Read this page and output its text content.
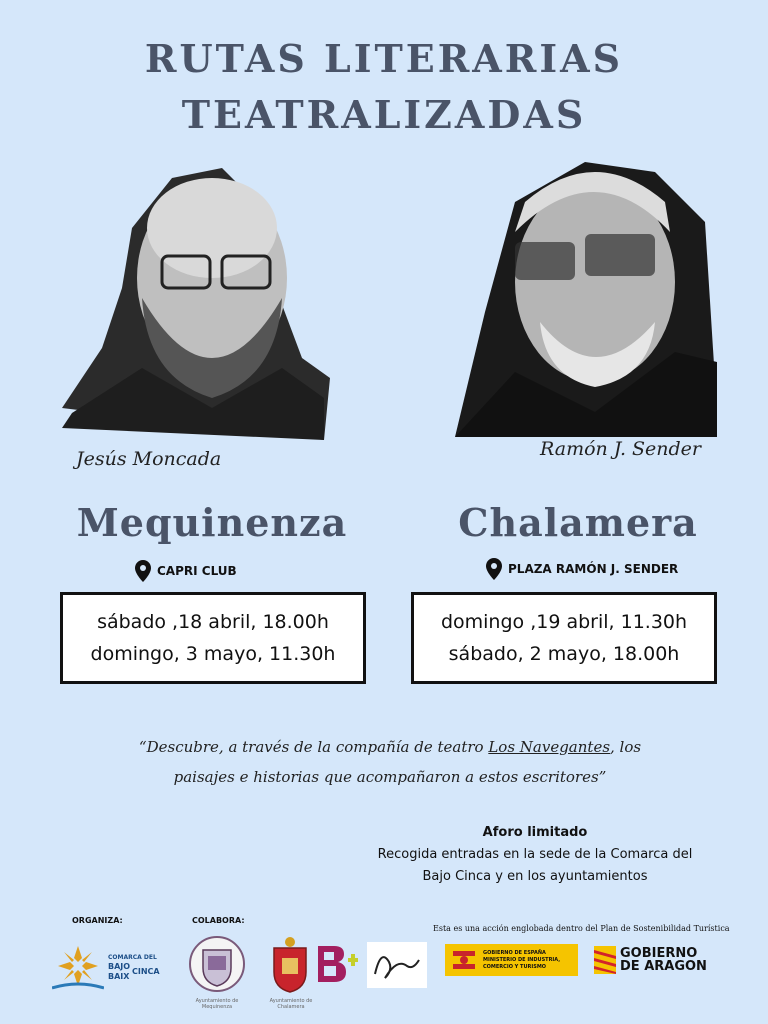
RUTAS LITERARIAS
TEATRALIZADAS
Jesús Moncada	Ramón J. Sender
Mequinenza	Chalamera
CAPRI CLUB	PLAZA RAMÓN J. SENDER
sábado ,18 abril, 18.00h
domingo, 3 mayo, 11.30h
domingo ,19 abril, 11.30h
sábado, 2 mayo, 18.00h
“Descubre, a través de la compañía de teatro Los Navegantes, los paisajes e historias que acompañaron a estos escritores”
Aforo limitado
Recogida entradas en la sede de la Comarca del
Bajo Cinca y en los ayuntamientos
ORGANIZA:	COLABORA:
Esta es una acción englobada dentro del Plan de Sostenibilidad Turística
COMARCA DEL
BAJO
CINCA
BAIX
Ayuntamiento de Mequinenza
Ayuntamiento de Chalamera
GOBIERNO DE ESPAÑA MINISTERIO DE INDUSTRIA, COMERCIO Y TURISMO
GOBIERNO
DE ARAGON
